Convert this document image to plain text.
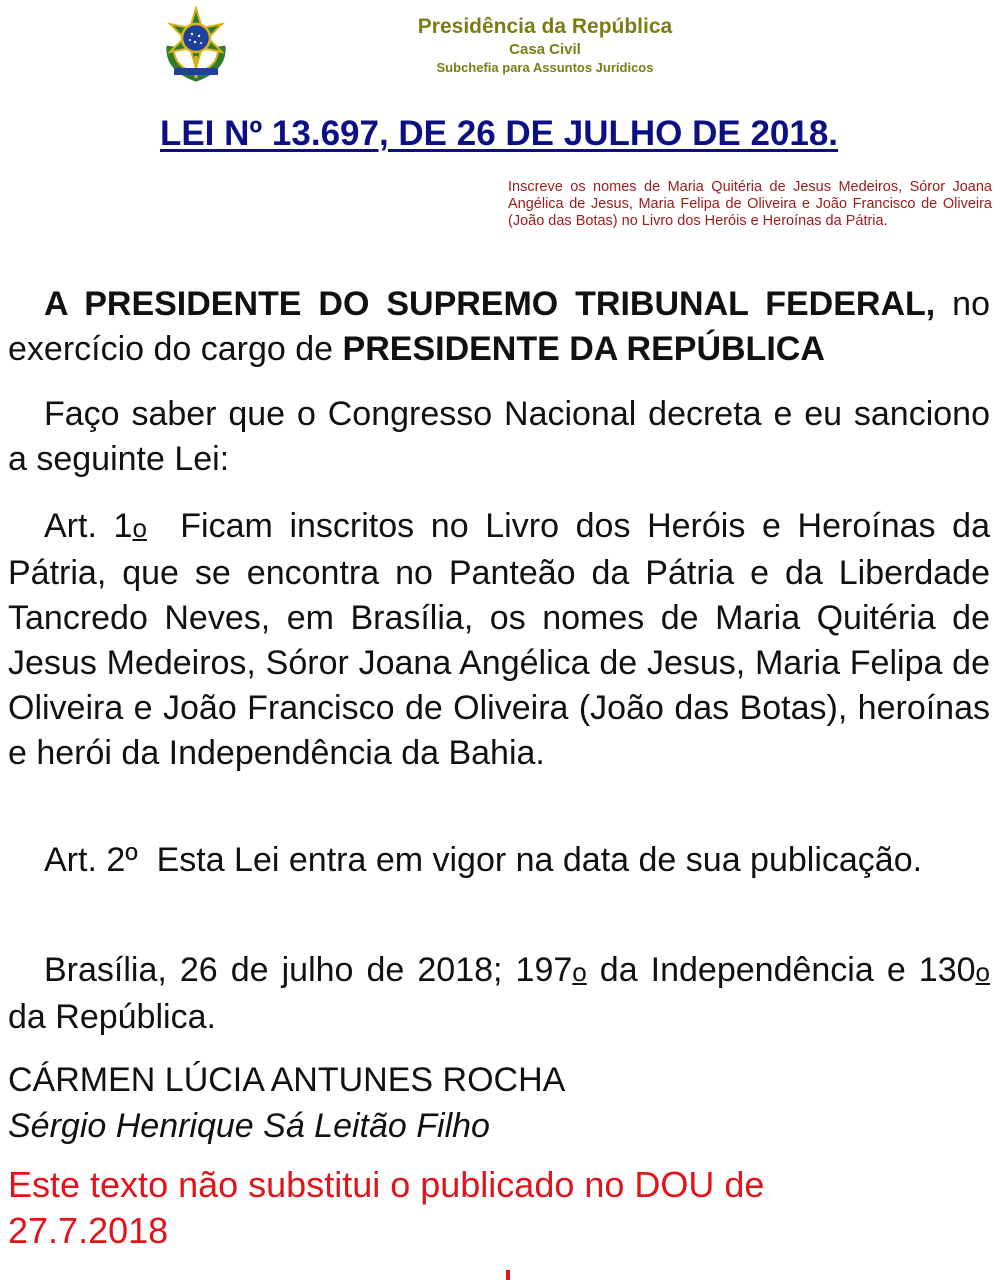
Presidência da República
Casa Civil
Subchefia para Assuntos Jurídicos
LEI Nº 13.697, DE 26 DE JULHO DE 2018.
Inscreve os nomes de Maria Quitéria de Jesus Medeiros, Sóror Joana Angélica de Jesus, Maria Felipa de Oliveira e João Francisco de Oliveira (João das Botas) no Livro dos Heróis e Heroínas da Pátria.

A PRESIDENTE DO SUPREMO TRIBUNAL FEDERAL, no exercício do cargo de PRESIDENTE DA REPÚBLICA

Faço saber que o Congresso Nacional decreta e eu sanciono a seguinte Lei:

Art. 1o Ficam inscritos no Livro dos Heróis e Heroínas da Pátria, que se encontra no Panteão da Pátria e da Liberdade Tancredo Neves, em Brasília, os nomes de Maria Quitéria de Jesus Medeiros, Sóror Joana Angélica de Jesus, Maria Felipa de Oliveira e João Francisco de Oliveira (João das Botas), heroínas e herói da Independência da Bahia.

Art. 2º Esta Lei entra em vigor na data de sua publicação.

Brasília, 26 de julho de 2018; 197o da Independência e 130o da República.

CÁRMEN LÚCIA ANTUNES ROCHA
Sérgio Henrique Sá Leitão Filho
Este texto não substitui o publicado no DOU de 27.7.2018
